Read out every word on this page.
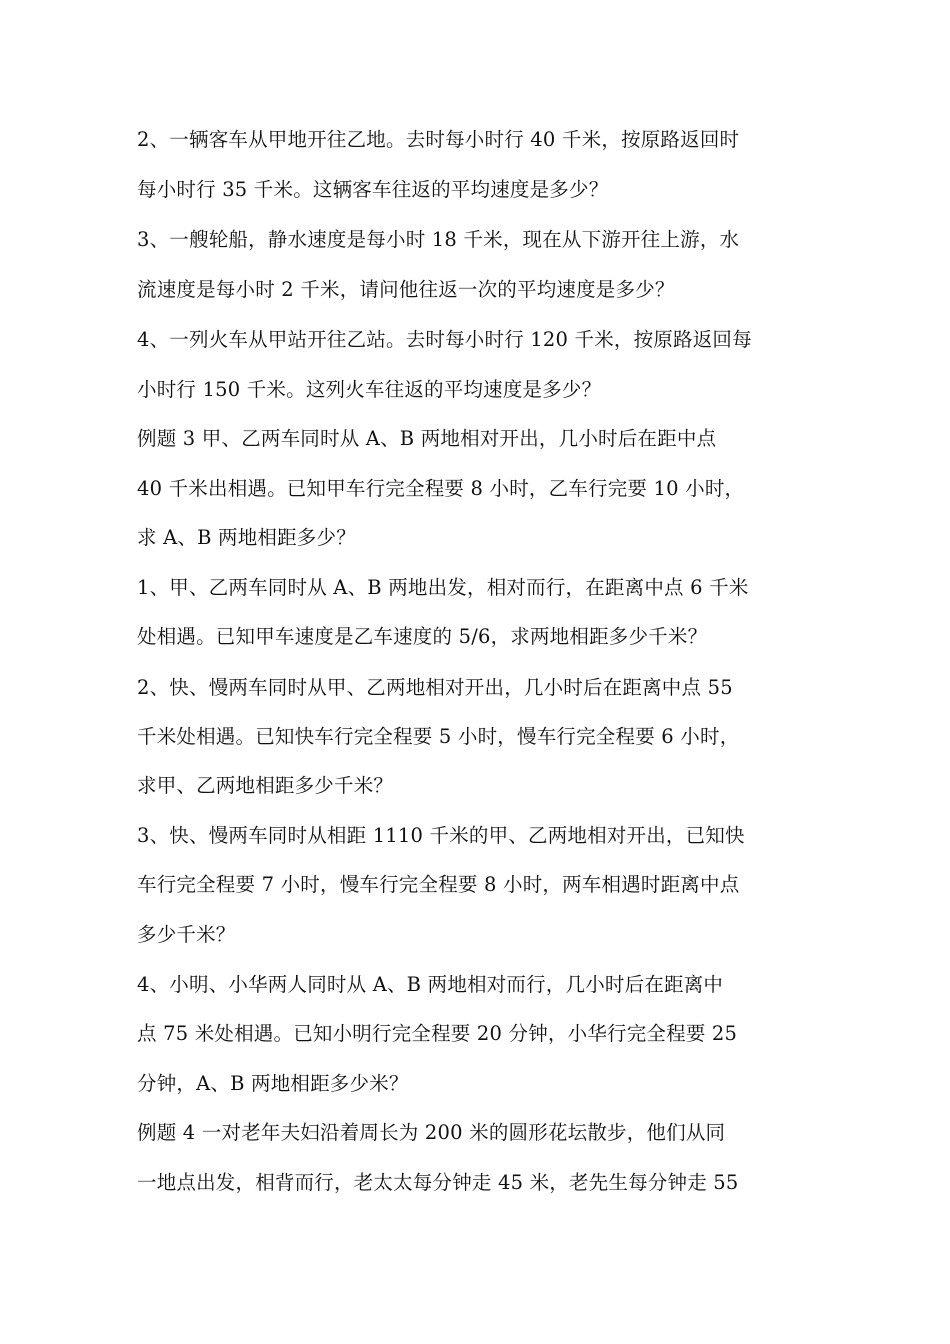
2、一辆客车从甲地开往乙地。去时每小时行 40 千米，按原路返回时
每小时行 35 千米。这辆客车往返的平均速度是多少？
3、一艘轮船，静水速度是每小时 18 千米，现在从下游开往上游，水
流速度是每小时 2 千米，请问他往返一次的平均速度是多少？
4、一列火车从甲站开往乙站。去时每小时行 120 千米，按原路返回每
小时行 150 千米。这列火车往返的平均速度是多少？
例题 3 甲、乙两车同时从 A、B 两地相对开出，几小时后在距中点
40 千米出相遇。已知甲车行完全程要 8 小时，乙车行完要 10 小时，
求 A、B 两地相距多少？
1、甲、乙两车同时从 A、B 两地出发，相对而行，在距离中点 6 千米
处相遇。已知甲车速度是乙车速度的 5/6，求两地相距多少千米？
2、快、慢两车同时从甲、乙两地相对开出，几小时后在距离中点 55
千米处相遇。已知快车行完全程要 5 小时，慢车行完全程要 6 小时，
求甲、乙两地相距多少千米？
3、快、慢两车同时从相距 1110 千米的甲、乙两地相对开出，已知快
车行完全程要 7 小时，慢车行完全程要 8 小时，两车相遇时距离中点
多少千米？
4、小明、小华两人同时从 A、B 两地相对而行，几小时后在距离中
点 75 米处相遇。已知小明行完全程要 20 分钟，小华行完全程要 25
分钟，A、B 两地相距多少米？
例题 4 一对老年夫妇沿着周长为 200 米的圆形花坛散步，他们从同
一地点出发，相背而行，老太太每分钟走 45 米，老先生每分钟走 55
